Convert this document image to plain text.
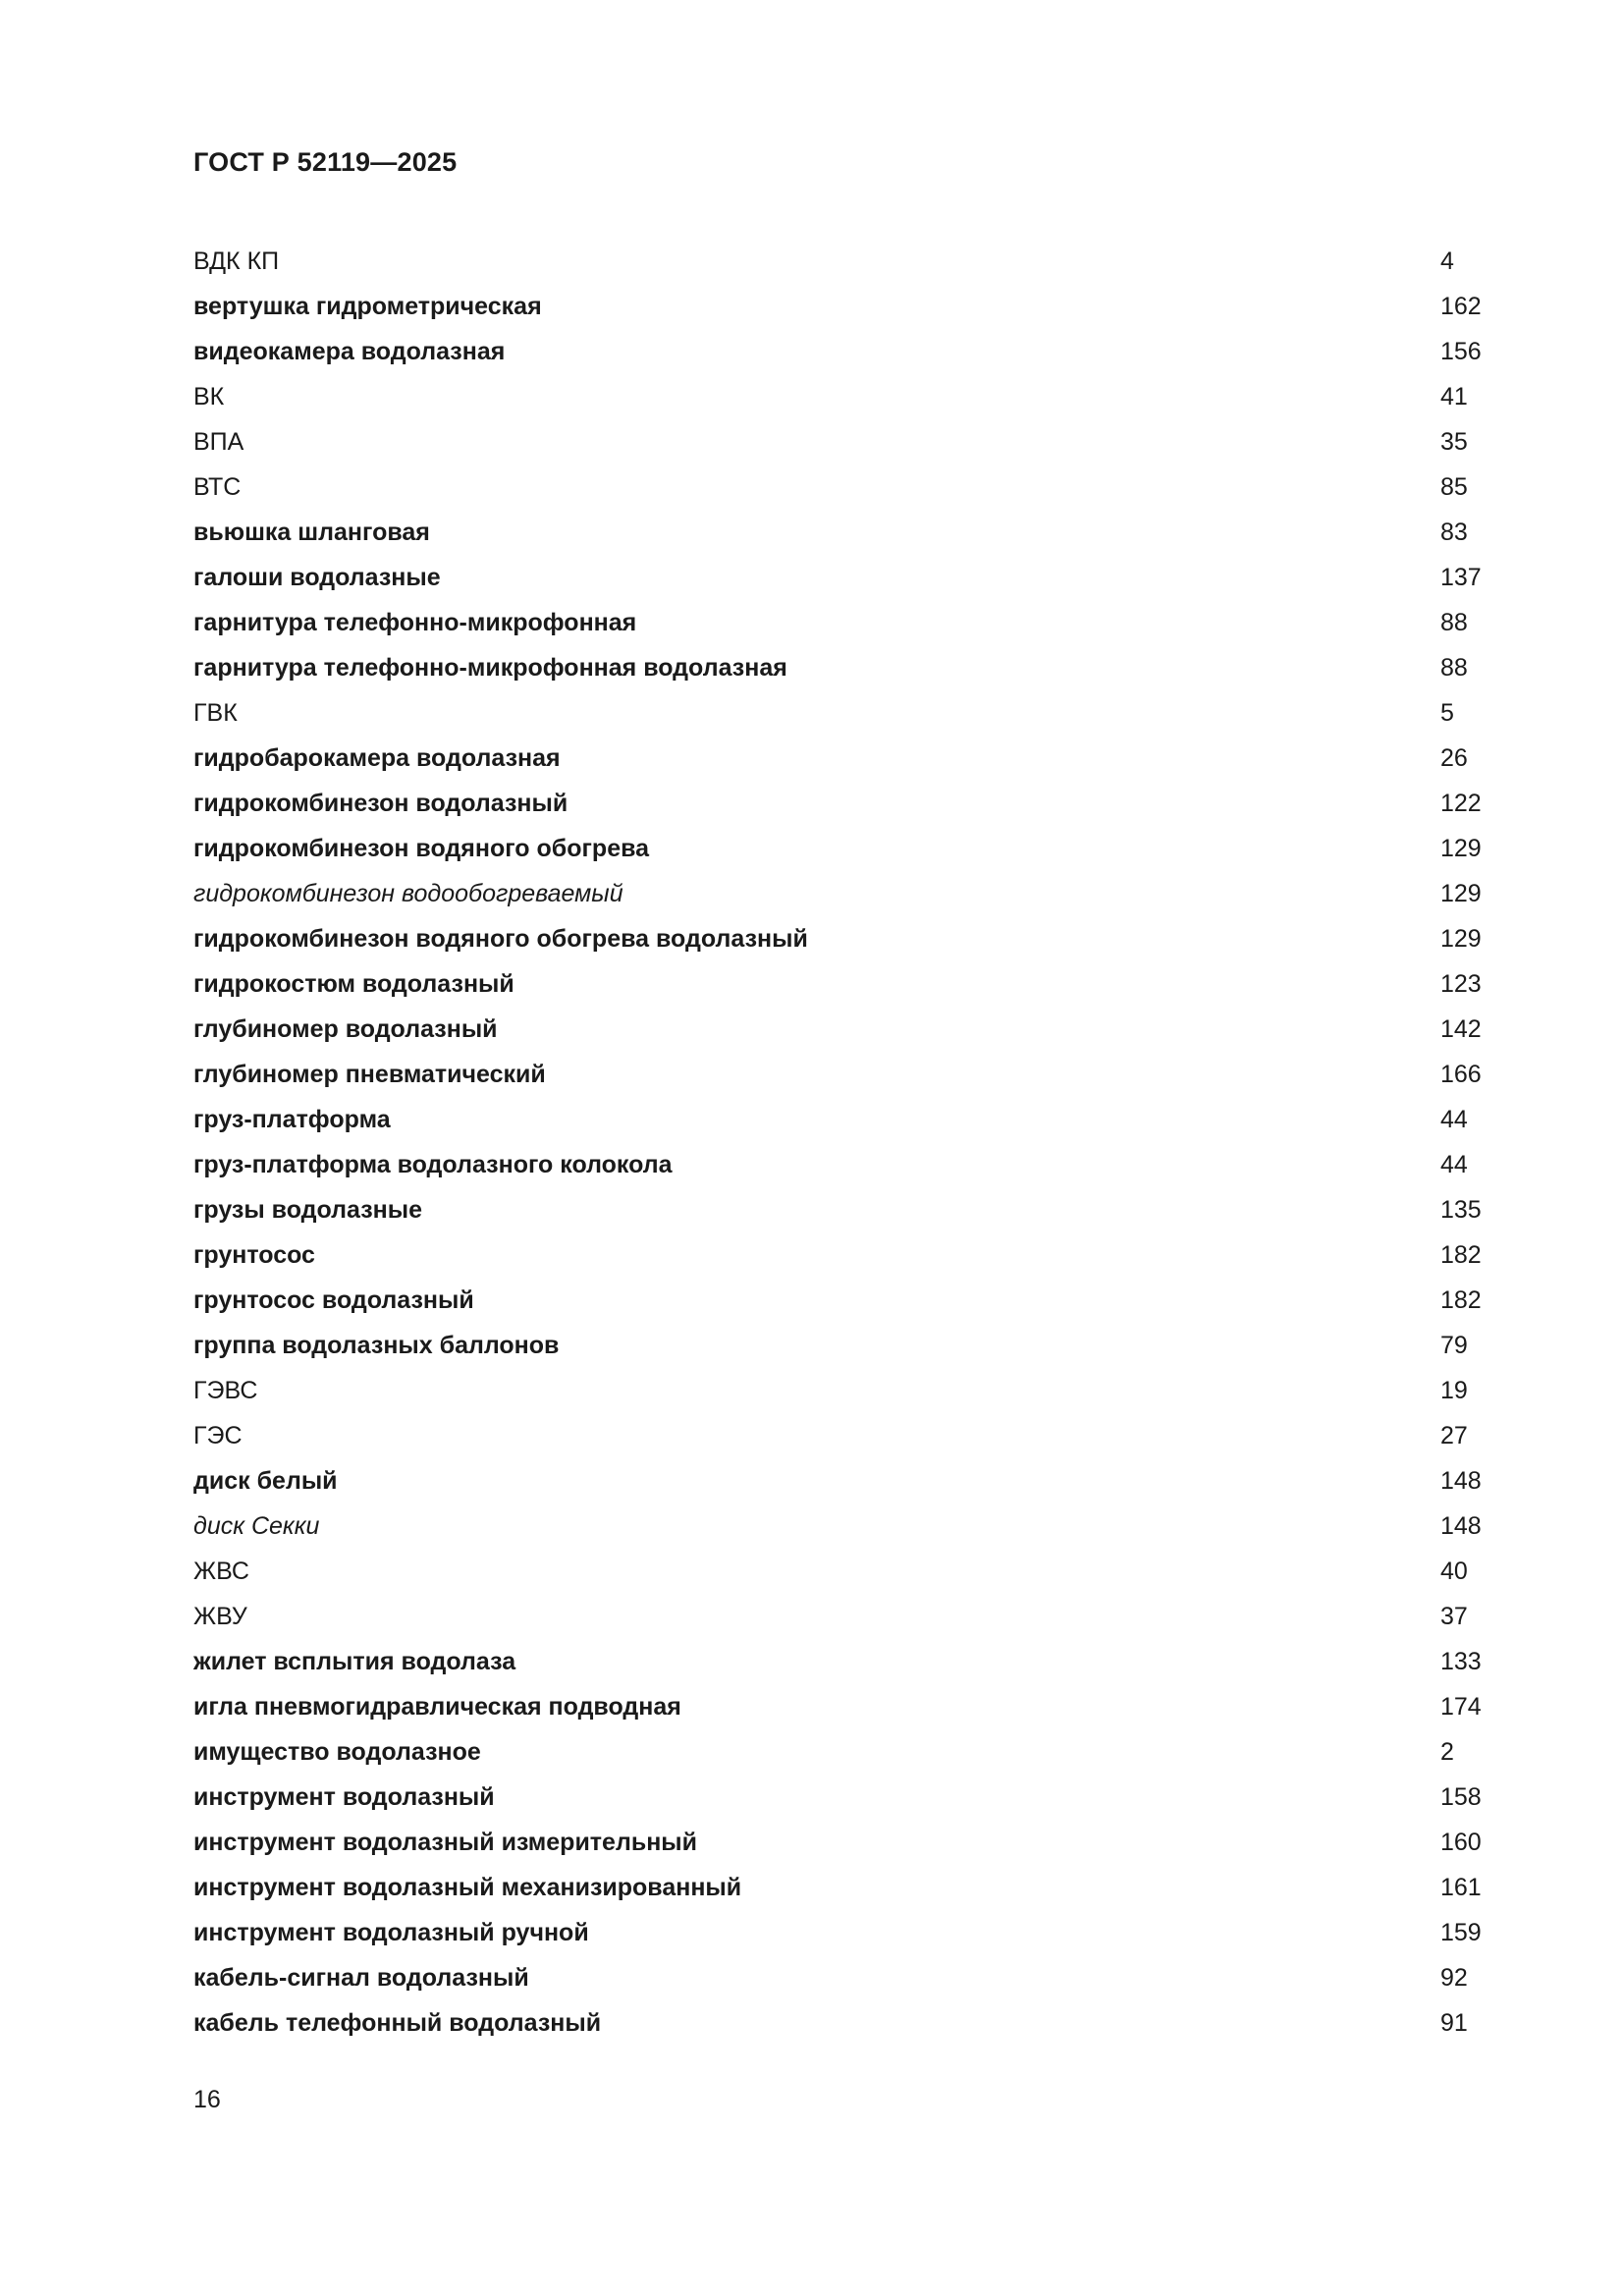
ГОСТ Р 52119—2025
ВДК КП	4
вертушка гидрометрическая	162
видеокамера водолазная	156
ВК	41
ВПА	35
ВТС	85
вьюшка шланговая	83
галоши водолазные	137
гарнитура телефонно-микрофонная	88
гарнитура телефонно-микрофонная водолазная	88
ГВК	5
гидробарокамера водолазная	26
гидрокомбинезон водолазный	122
гидрокомбинезон водяного обогрева	129
гидрокомбинезон водообогреваемый	129
гидрокомбинезон водяного обогрева водолазный	129
гидрокостюм водолазный	123
глубиномер водолазный	142
глубиномер пневматический	166
груз-платформа	44
груз-платформа водолазного колокола	44
грузы водолазные	135
грунтосос	182
грунтосос водолазный	182
группа водолазных баллонов	79
ГЭВС	19
ГЭС	27
диск белый	148
диск Секки	148
ЖВС	40
ЖВУ	37
жилет всплытия водолаза	133
игла пневмогидравлическая подводная	174
имущество водолазное	2
инструмент водолазный	158
инструмент водолазный измерительный	160
инструмент водолазный механизированный	161
инструмент водолазный ручной	159
кабель-сигнал водолазный	92
кабель телефонный водолазный	91
16
